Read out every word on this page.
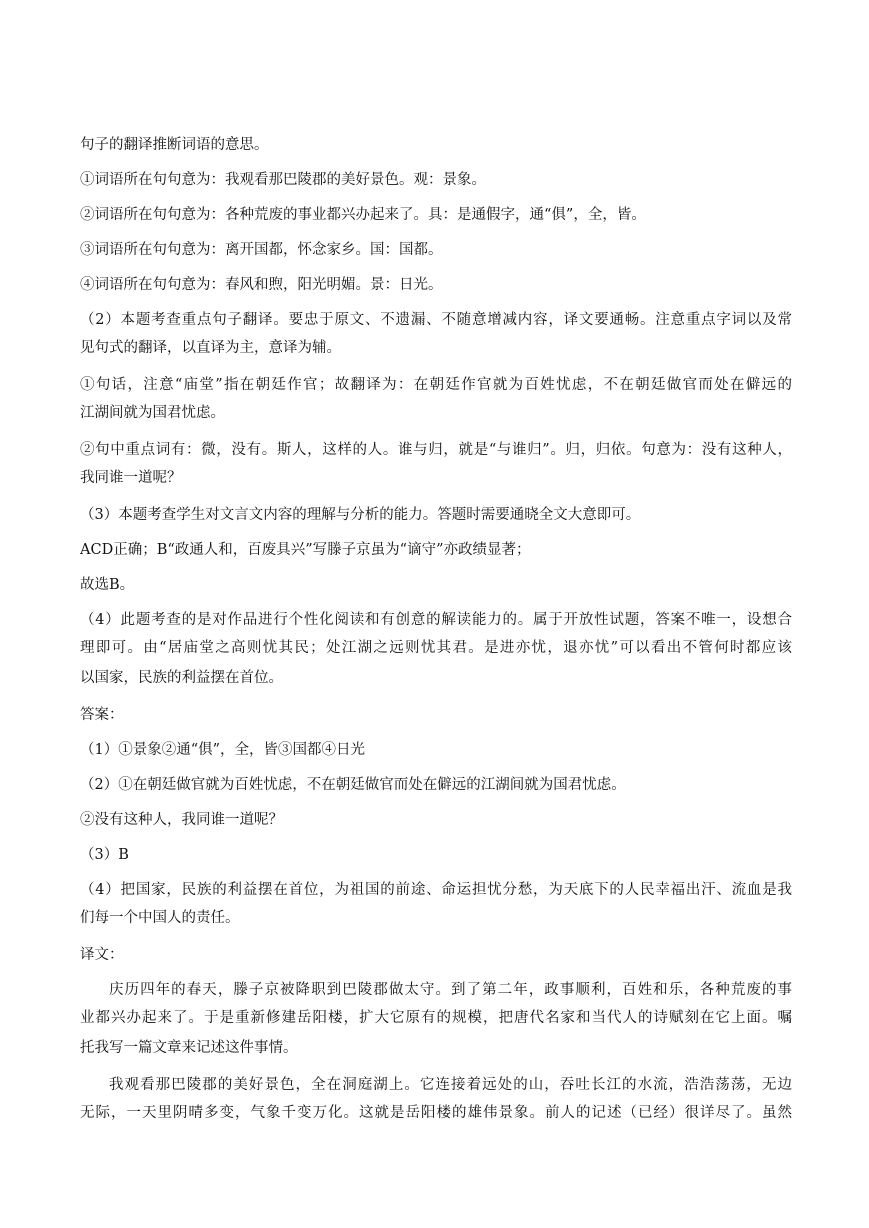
句子的翻译推断词语的意思。
①词语所在句句意为：我观看那巴陵郡的美好景色。观：景象。
②词语所在句句意为：各种荒废的事业都兴办起来了。具：是通假字，通“俱”，全，皆。
③词语所在句句意为：离开国都，怀念家乡。国：国都。
④词语所在句句意为：春风和煦，阳光明媚。景：日光。
（2）本题考查重点句子翻译。要忠于原文、不遗漏、不随意增减内容，译文要通畅。注意重点字词以及常
见句式的翻译，以直译为主，意译为辅。
①句话，注意“庙堂”指在朝廷作官；故翻译为：在朝廷作官就为百姓忧虑，不在朝廷做官而处在僻远的
江湖间就为国君忧虑。
②句中重点词有：微，没有。斯人，这样的人。谁与归，就是“与谁归”。归，归依。句意为：没有这种人，
我同谁一道呢？
（3）本题考查学生对文言文内容的理解与分析的能力。答题时需要通晓全文大意即可。
ACD正确；B“政通人和，百废具兴”写滕子京虽为“谪守”亦政绩显著；
故选B。
（4）此题考查的是对作品进行个性化阅读和有创意的解读能力的。属于开放性试题，答案不唯一，设想合
理即可。由“居庙堂之高则忧其民；处江湖之远则忧其君。是进亦忧，退亦忧”可以看出不管何时都应该
以国家，民族的利益摆在首位。
答案：
（1）①景象②通“俱”，全，皆③国都④日光
（2）①在朝廷做官就为百姓忧虑，不在朝廷做官而处在僻远的江湖间就为国君忧虑。
②没有这种人，我同谁一道呢？
（3）B
（4）把国家，民族的利益摆在首位，为祖国的前途、命运担忧分愁，为天底下的人民幸福出汗、流血是我
们每一个中国人的责任。
译文：
庆历四年的春天，滕子京被降职到巴陵郡做太守。到了第二年，政事顺利，百姓和乐，各种荒废的事
业都兴办起来了。于是重新修建岳阳楼，扩大它原有的规模，把唐代名家和当代人的诗赋刻在它上面。嘱
托我写一篇文章来记述这件事情。
我观看那巴陵郡的美好景色，全在洞庭湖上。它连接着远处的山，吞吐长江的水流，浩浩荡荡，无边
无际，一天里阴晴多变，气象千变万化。这就是岳阳楼的雄伟景象。前人的记述（已经）很详尽了。虽然
